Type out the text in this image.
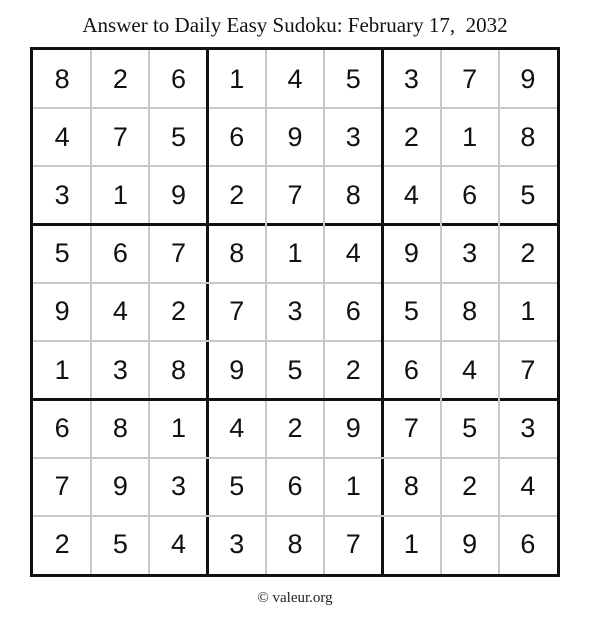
Answer to Daily Easy Sudoku: February 17,  2032
8	2	6	1	4	5	3	7	9
4	7	5	6	9	3	2	1	8
3	1	9	2	7	8	4	6	5
5	6	7	8	1	4	9	3	2
9	4	2	7	3	6	5	8	1
1	3	8	9	5	2	6	4	7
6	8	1	4	2	9	7	5	3
7	9	3	5	6	1	8	2	4
2	5	4	3	8	7	1	9	6
© valeur.org
